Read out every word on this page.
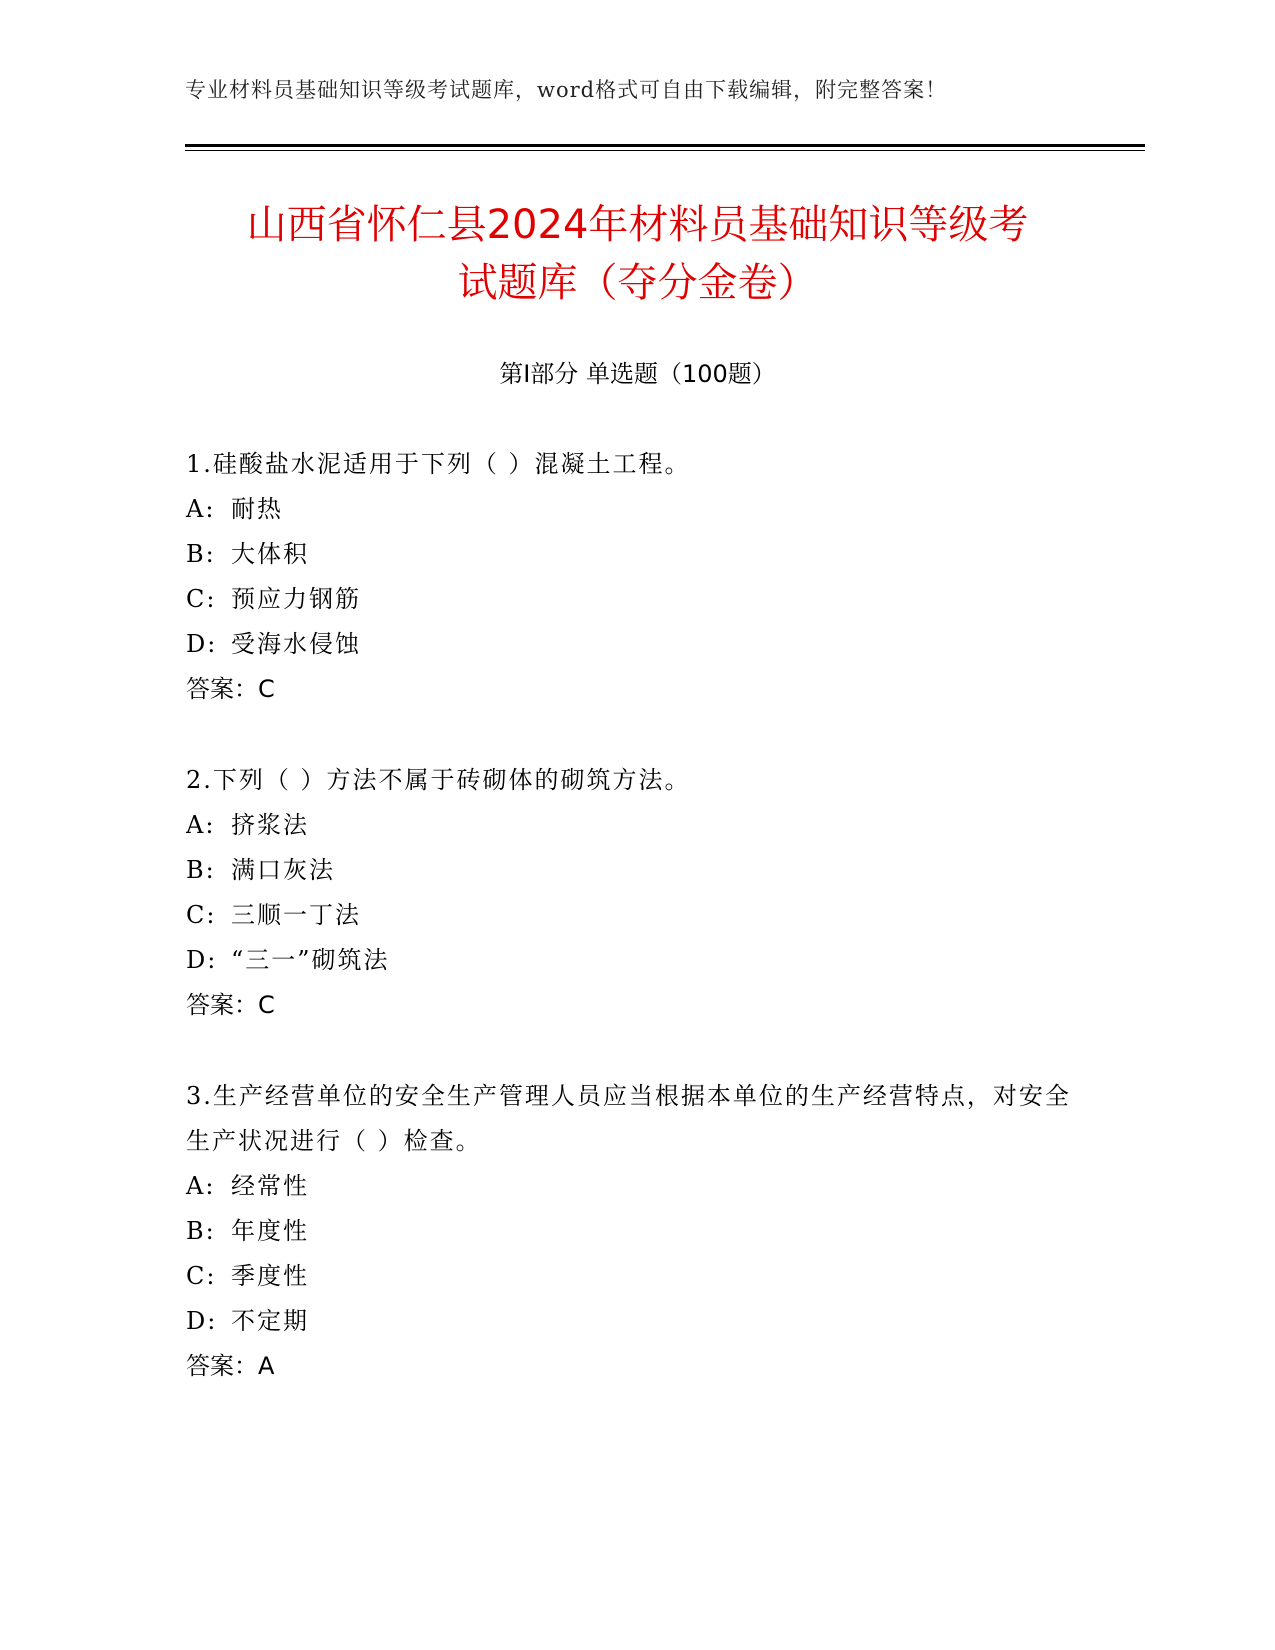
专业材料员基础知识等级考试题库，word格式可自由下载编辑，附完整答案！
山西省怀仁县2024年材料员基础知识等级考
试题库（夺分金卷）
第Ⅰ部分 单选题（100题）
1.硅酸盐水泥适用于下列（ ）混凝土工程。
A: 耐热
B: 大体积
C: 预应力钢筋
D: 受海水侵蚀
答案：C
2.下列（ ）方法不属于砖砌体的砌筑方法。
A: 挤浆法
B: 满口灰法
C: 三顺一丁法
D: “三一”砌筑法
答案：C
3.生产经营单位的安全生产管理人员应当根据本单位的生产经营特点，对安全生产状况进行（ ）检查。
A: 经常性
B: 年度性
C: 季度性
D: 不定期
答案：A
